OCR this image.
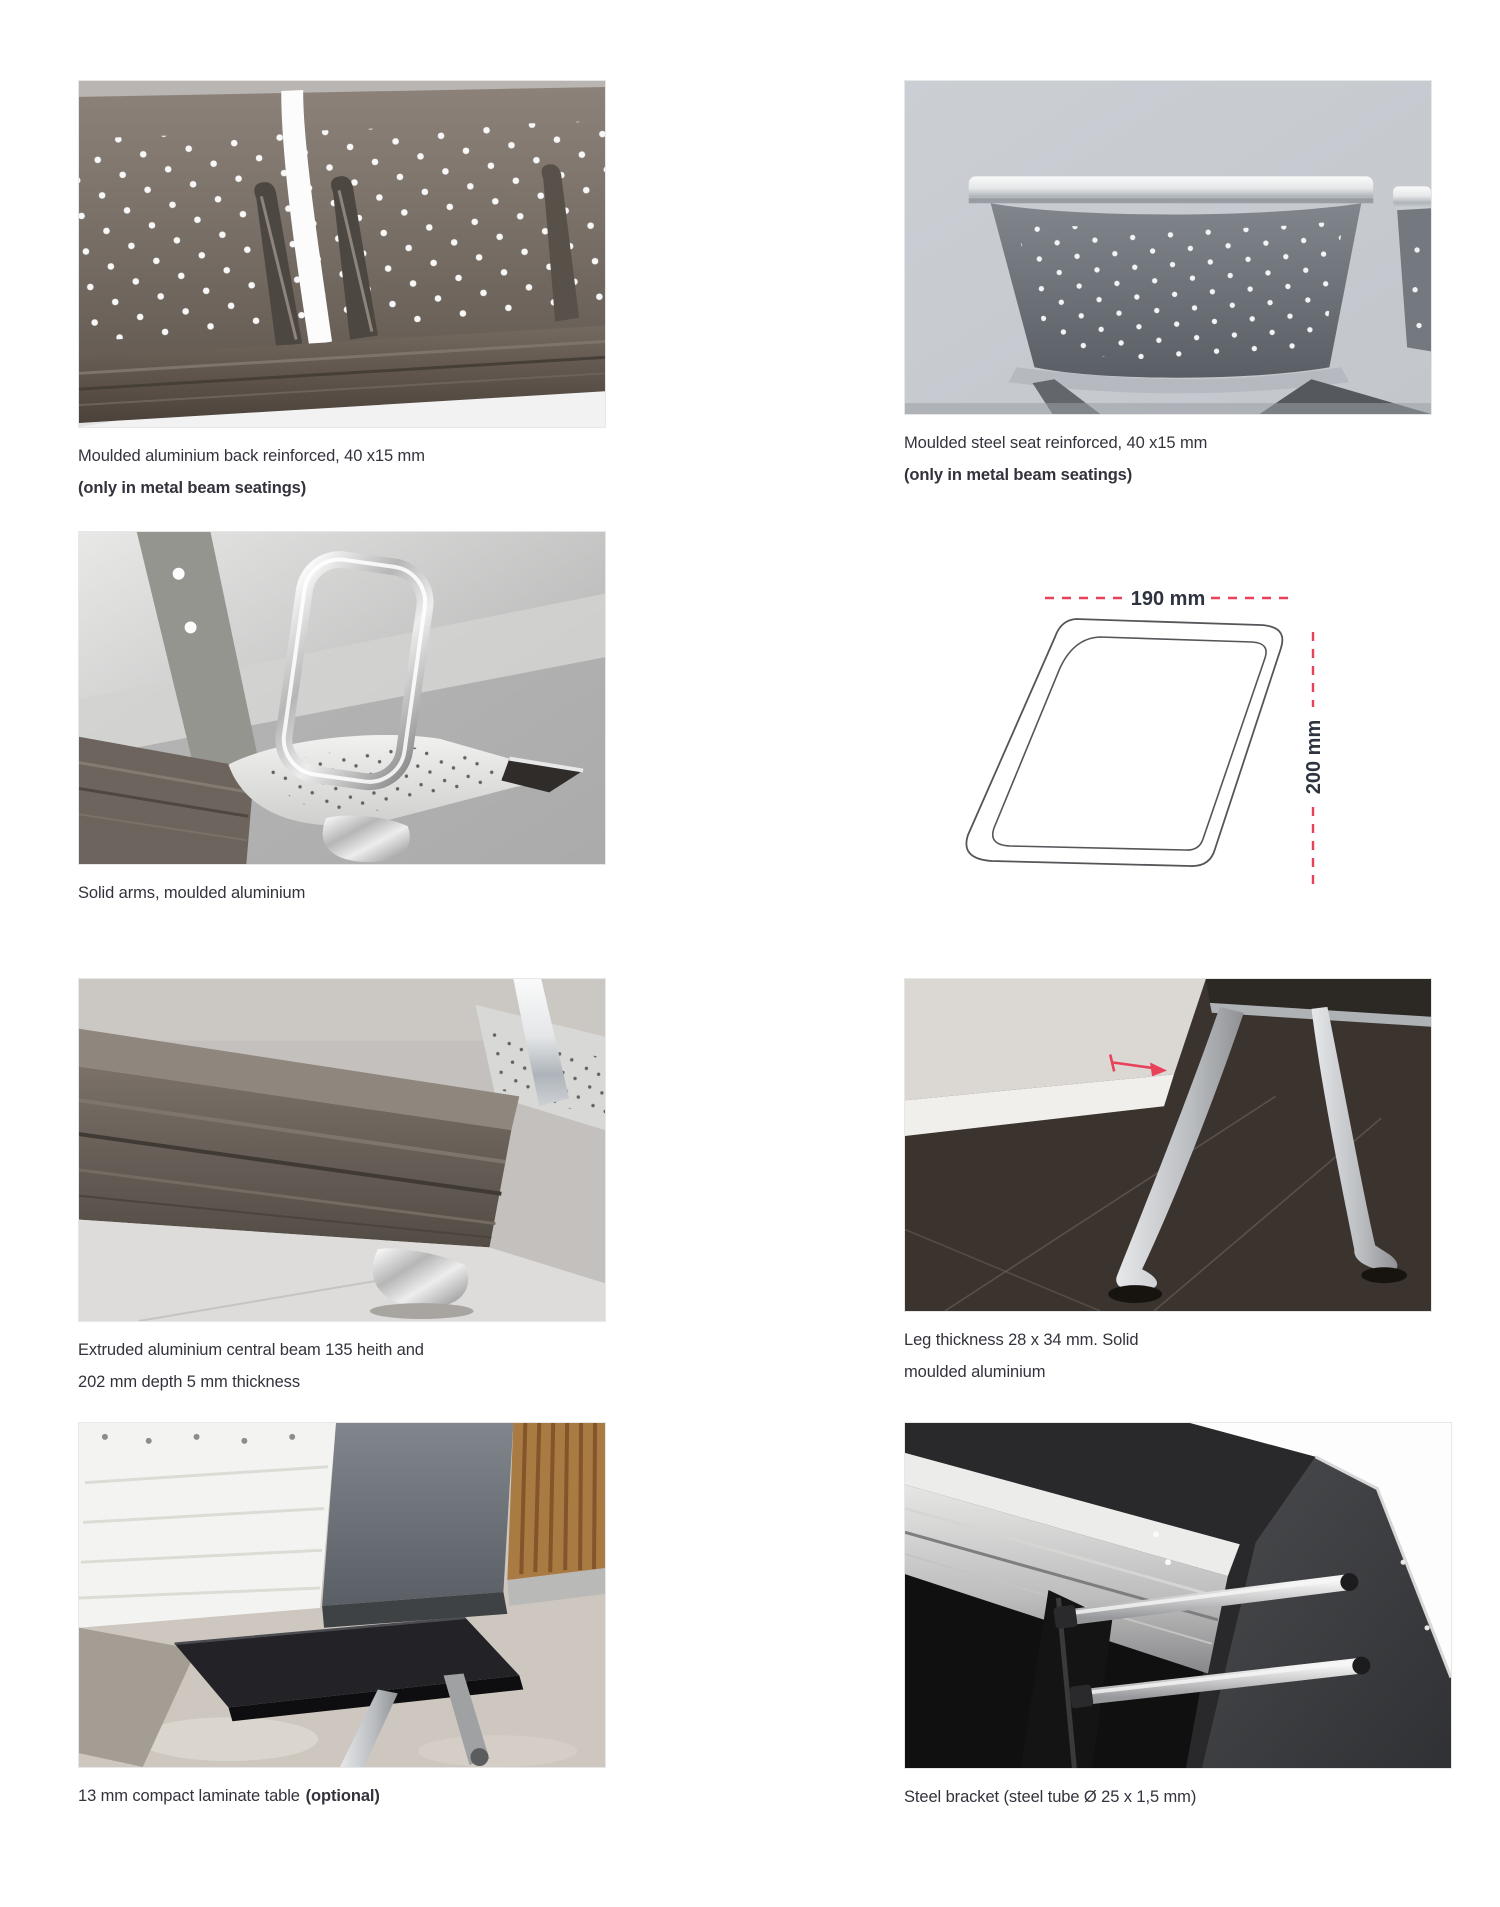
Moulded aluminium back reinforced, 40 x15 mm
(only in metal beam seatings)

Moulded steel seat reinforced, 40 x15 mm
(only in metal beam seatings)

Solid arms, moulded aluminium

190 mm
200 mm

Extruded aluminium central beam 135 heith and
202 mm depth 5 mm thickness

Leg thickness 28 x 34 mm. Solid
moulded aluminium

13 mm compact laminate table (optional)	Steel bracket (steel tube Ø 25 x 1,5 mm)
